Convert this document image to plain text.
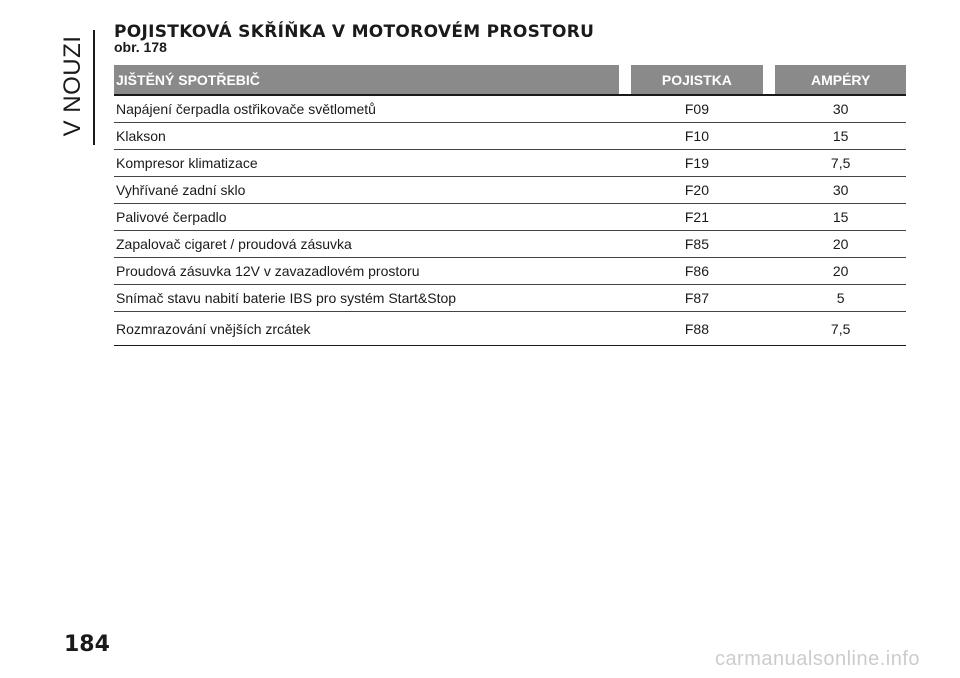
V NOUZI
POJISTKOVÁ SKŘÍŇKA V MOTOROVÉM PROSTORU
obr. 178
JIŠTĚNÝ SPOTŘEBIČ		POJISTKA		AMPÉRY
Napájení čerpadla ostřikovače světlometů		F09		30
Klakson		F10		15
Kompresor klimatizace		F19		7,5
Vyhřívané zadní sklo		F20		30
Palivové čerpadlo		F21		15
Zapalovač cigaret / proudová zásuvka		F85		20
Proudová zásuvka 12V v zavazadlovém prostoru		F86		20
Snímač stavu nabití baterie IBS pro systém Start&Stop		F87		5
Rozmrazování vnějších zrcátek		F88		7,5
184
carmanualsonline.info
